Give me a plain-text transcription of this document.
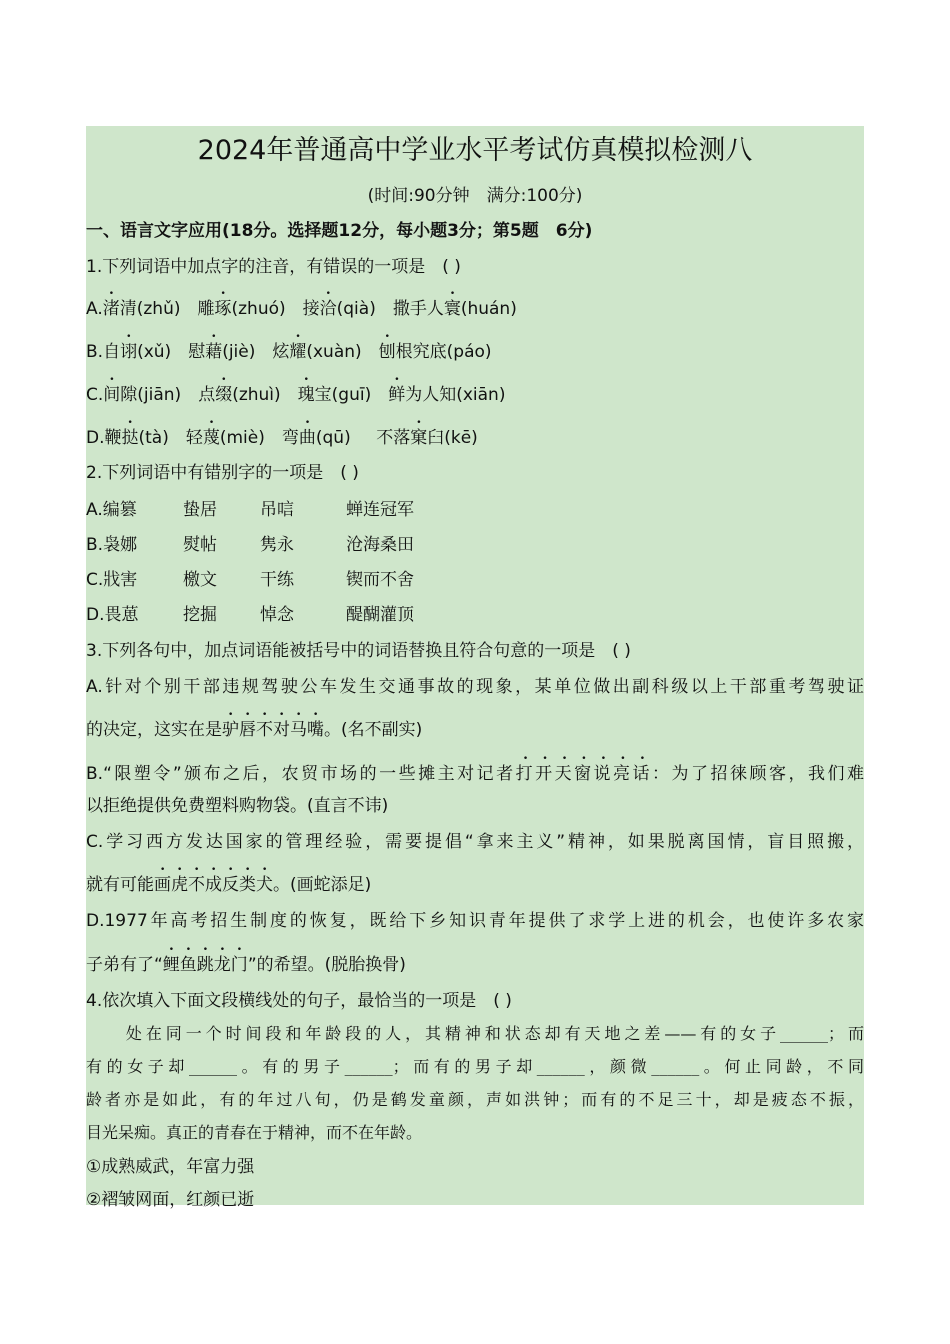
2024年普通高中学业水平考试仿真模拟检测八
(时间:90分钟　满分:100分)
一、语言文字应用(18分。选择题12分，每小题3分；第5题　6分)
1.下列词语中加点字的注音，有错误的一项是　( )
A.渚清(zhǔ)  雕琢(zhuó)  接洽(qià)  撒手人寰(huán)
B.自诩(xǔ)  慰藉(jiè)  炫耀(xuàn)  刨根究底(páo)
C.间隙(jiān)  点缀(zhuì)  瑰宝(guī)  鲜为人知(xiān)
D.鞭挞(tà)  轻蔑(miè)  弯曲(qū)   不落窠臼(kē)
2.下列词语中有错别字的一项是　( )
A.编篡	蛰居	吊唁	蝉连冠军
B.袅娜	熨帖	隽永	沧海桑田
C.戕害	檄文	干练	锲而不舍
D.畏葸	挖掘	悼念	醍醐灌顶
3.下列各句中，加点词语能被括号中的词语替换且符合句意的一项是　( )
A.针对个别干部违规驾驶公车发生交通事故的现象，某单位做出副科级以上干部重考驾驶证
的决定，这实在是驴唇不对马嘴。(名不副实)
B.“限塑令”颁布之后，农贸市场的一些摊主对记者打开天窗说亮话：为了招徕顾客，我们难
以拒绝提供免费塑料购物袋。(直言不讳)
C.学习西方发达国家的管理经验，需要提倡“拿来主义”精神，如果脱离国情，盲目照搬，
就有可能画虎不成反类犬。(画蛇添足)
D.1977年高考招生制度的恢复，既给下乡知识青年提供了求学上进的机会，也使许多农家
子弟有了“鲤鱼跳龙门”的希望。(脱胎换骨)
4.依次填入下面文段横线处的句子，最恰当的一项是　( )
　　处在同一个时间段和年龄段的人，其精神和状态却有天地之差——有的女子______；而
有的女子却______。有的男子______；而有的男子却______，颜微______。何止同龄，不同
龄者亦是如此，有的年过八旬，仍是鹤发童颜，声如洪钟；而有的不足三十，却是疲态不振，
目光呆痴。真正的青春在于精神，而不在年龄。
①成熟威武，年富力强
②褶皱网面，红颜已逝
